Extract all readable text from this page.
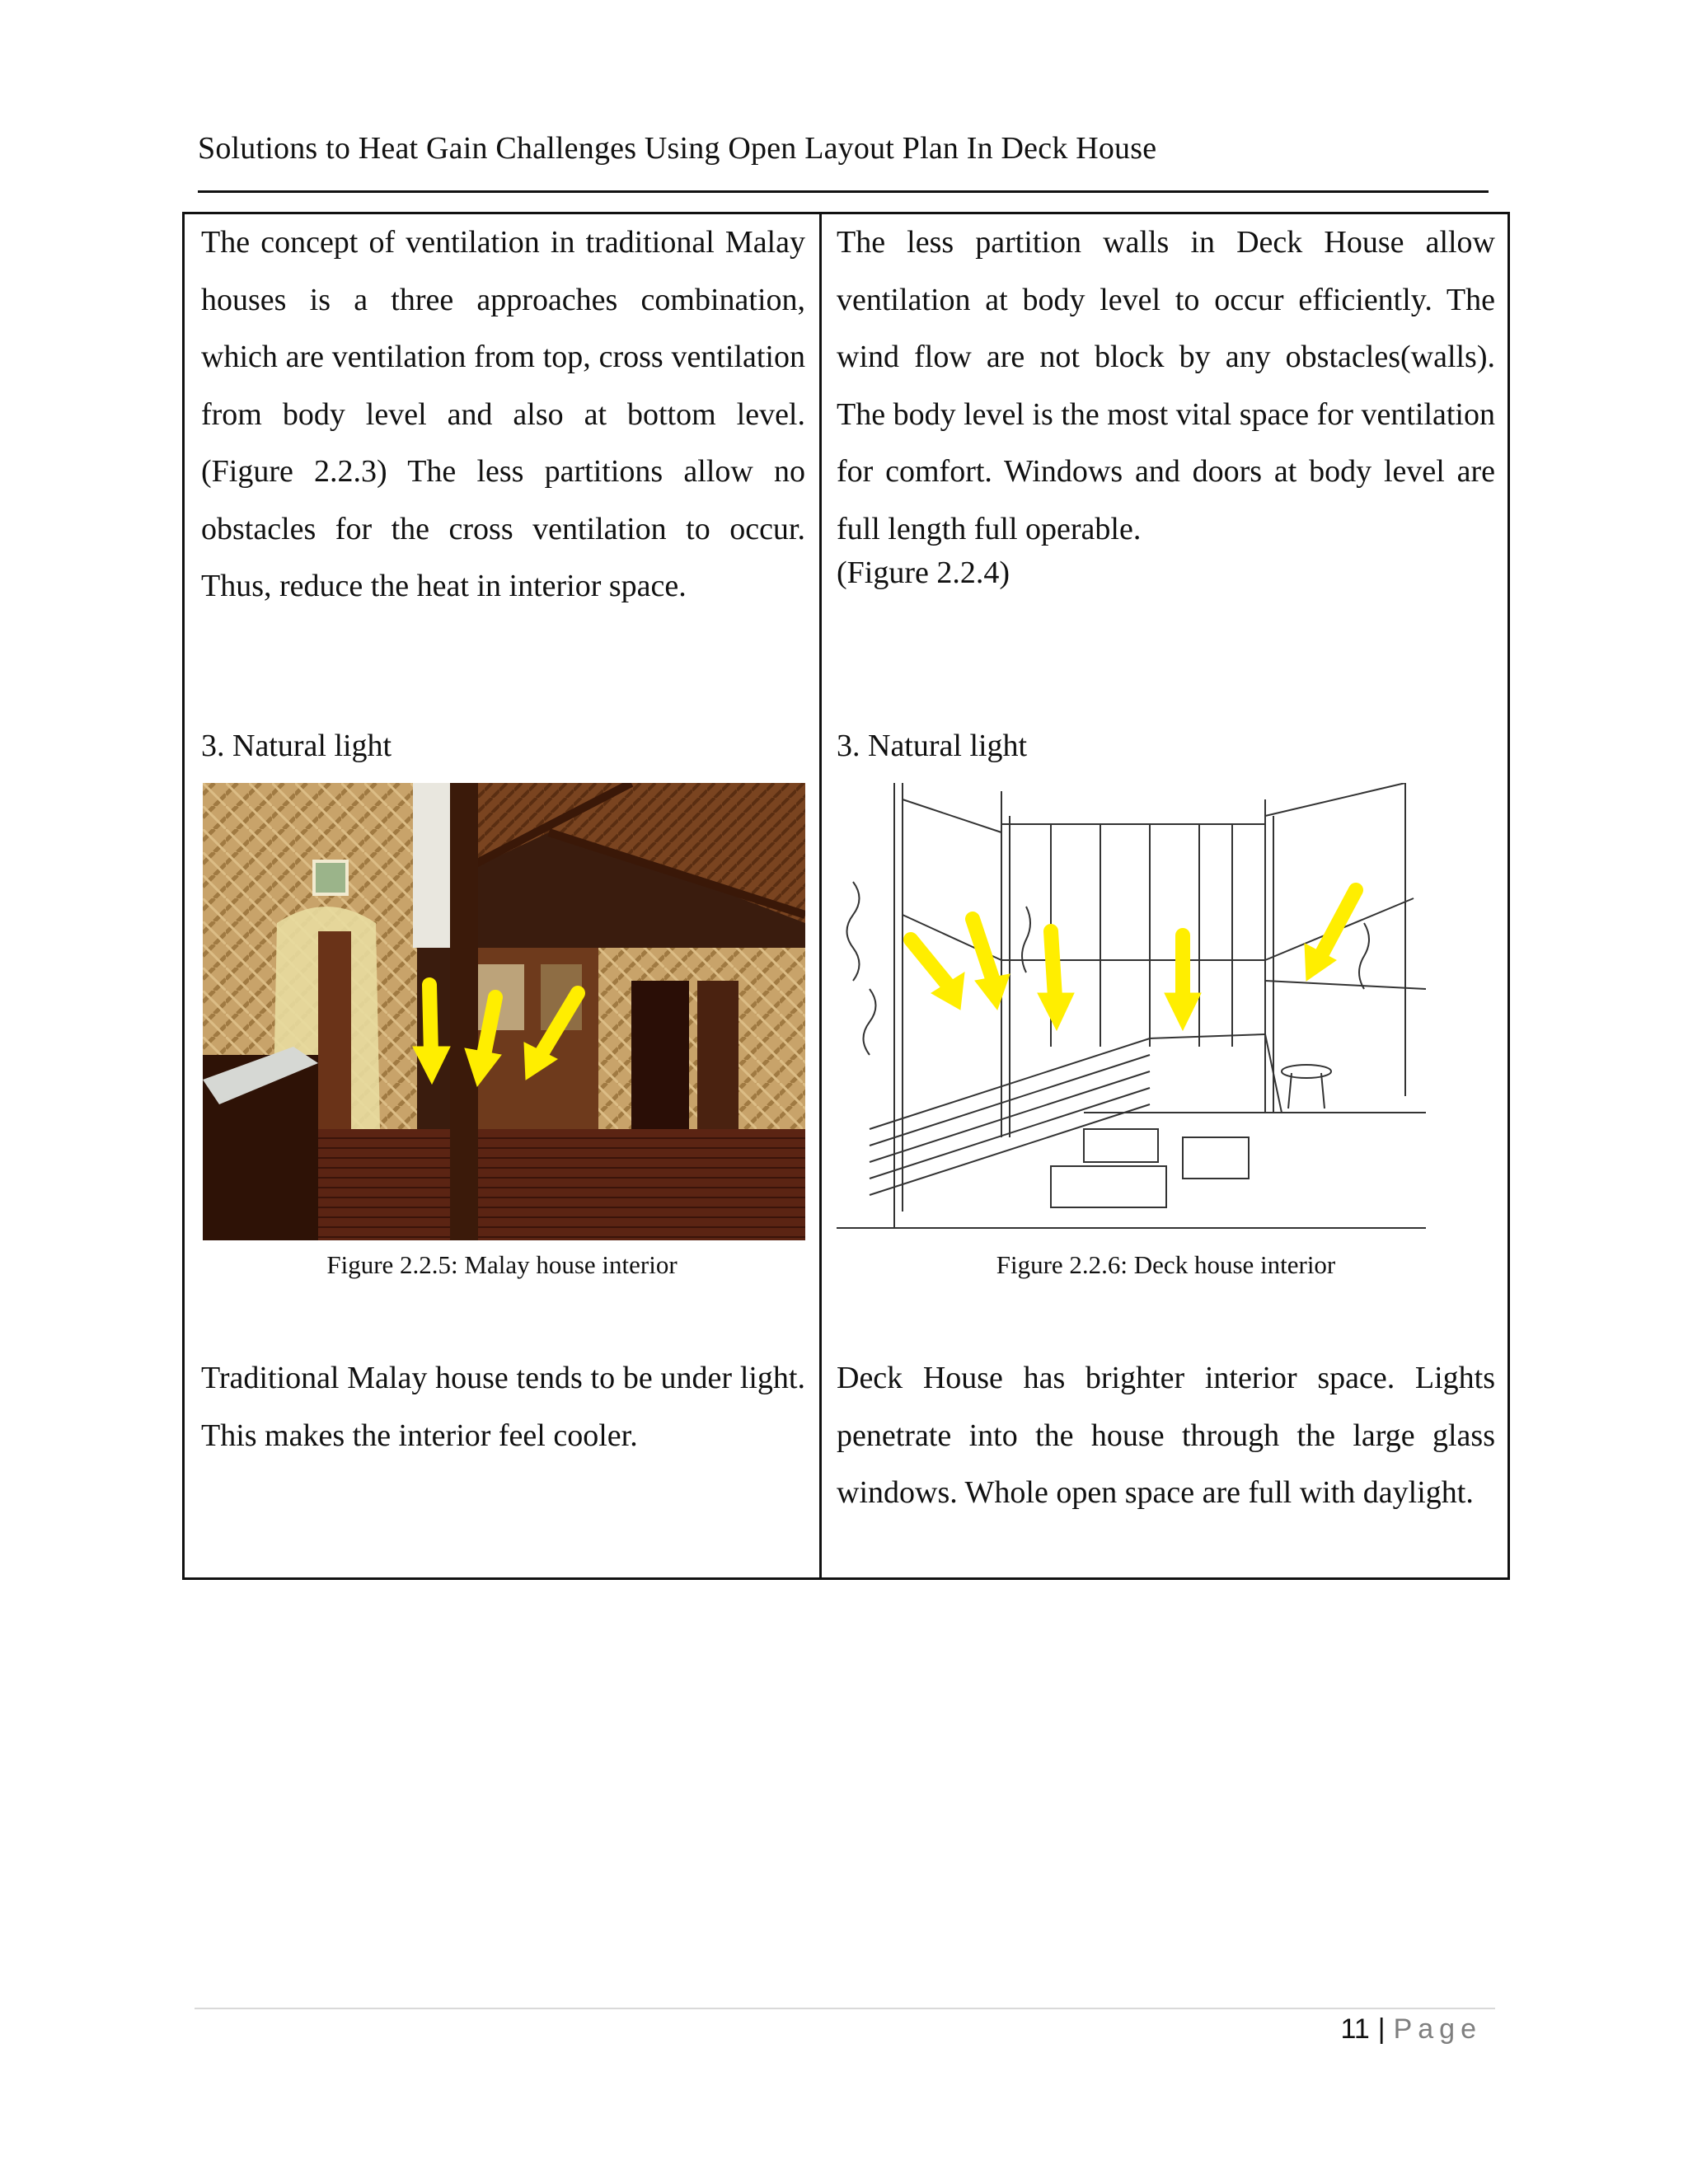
Solutions to Heat Gain Challenges Using Open Layout Plan In Deck House
The concept of ventilation in traditional Malay houses is a three approaches combination, which are ventilation from top, cross ventilation from body level and also at bottom level. (Figure 2.2.3) The less partitions allow no obstacles for the cross ventilation to occur. Thus, reduce the heat in interior space.
3. Natural light
Figure 2.2.5: Malay house interior
Traditional Malay house tends to be under light. This makes the interior feel cooler.
The less partition walls in Deck House allow ventilation at body level to occur efficiently. The wind flow are not block by any obstacles(walls). The body level is the most vital space for ventilation for comfort. Windows and doors at body level are full length full operable.
(Figure 2.2.4)
3. Natural light
Figure 2.2.6: Deck house interior
Deck House has brighter interior space. Lights penetrate into the house through the large glass windows. Whole open space are full with daylight.
11 | Page
